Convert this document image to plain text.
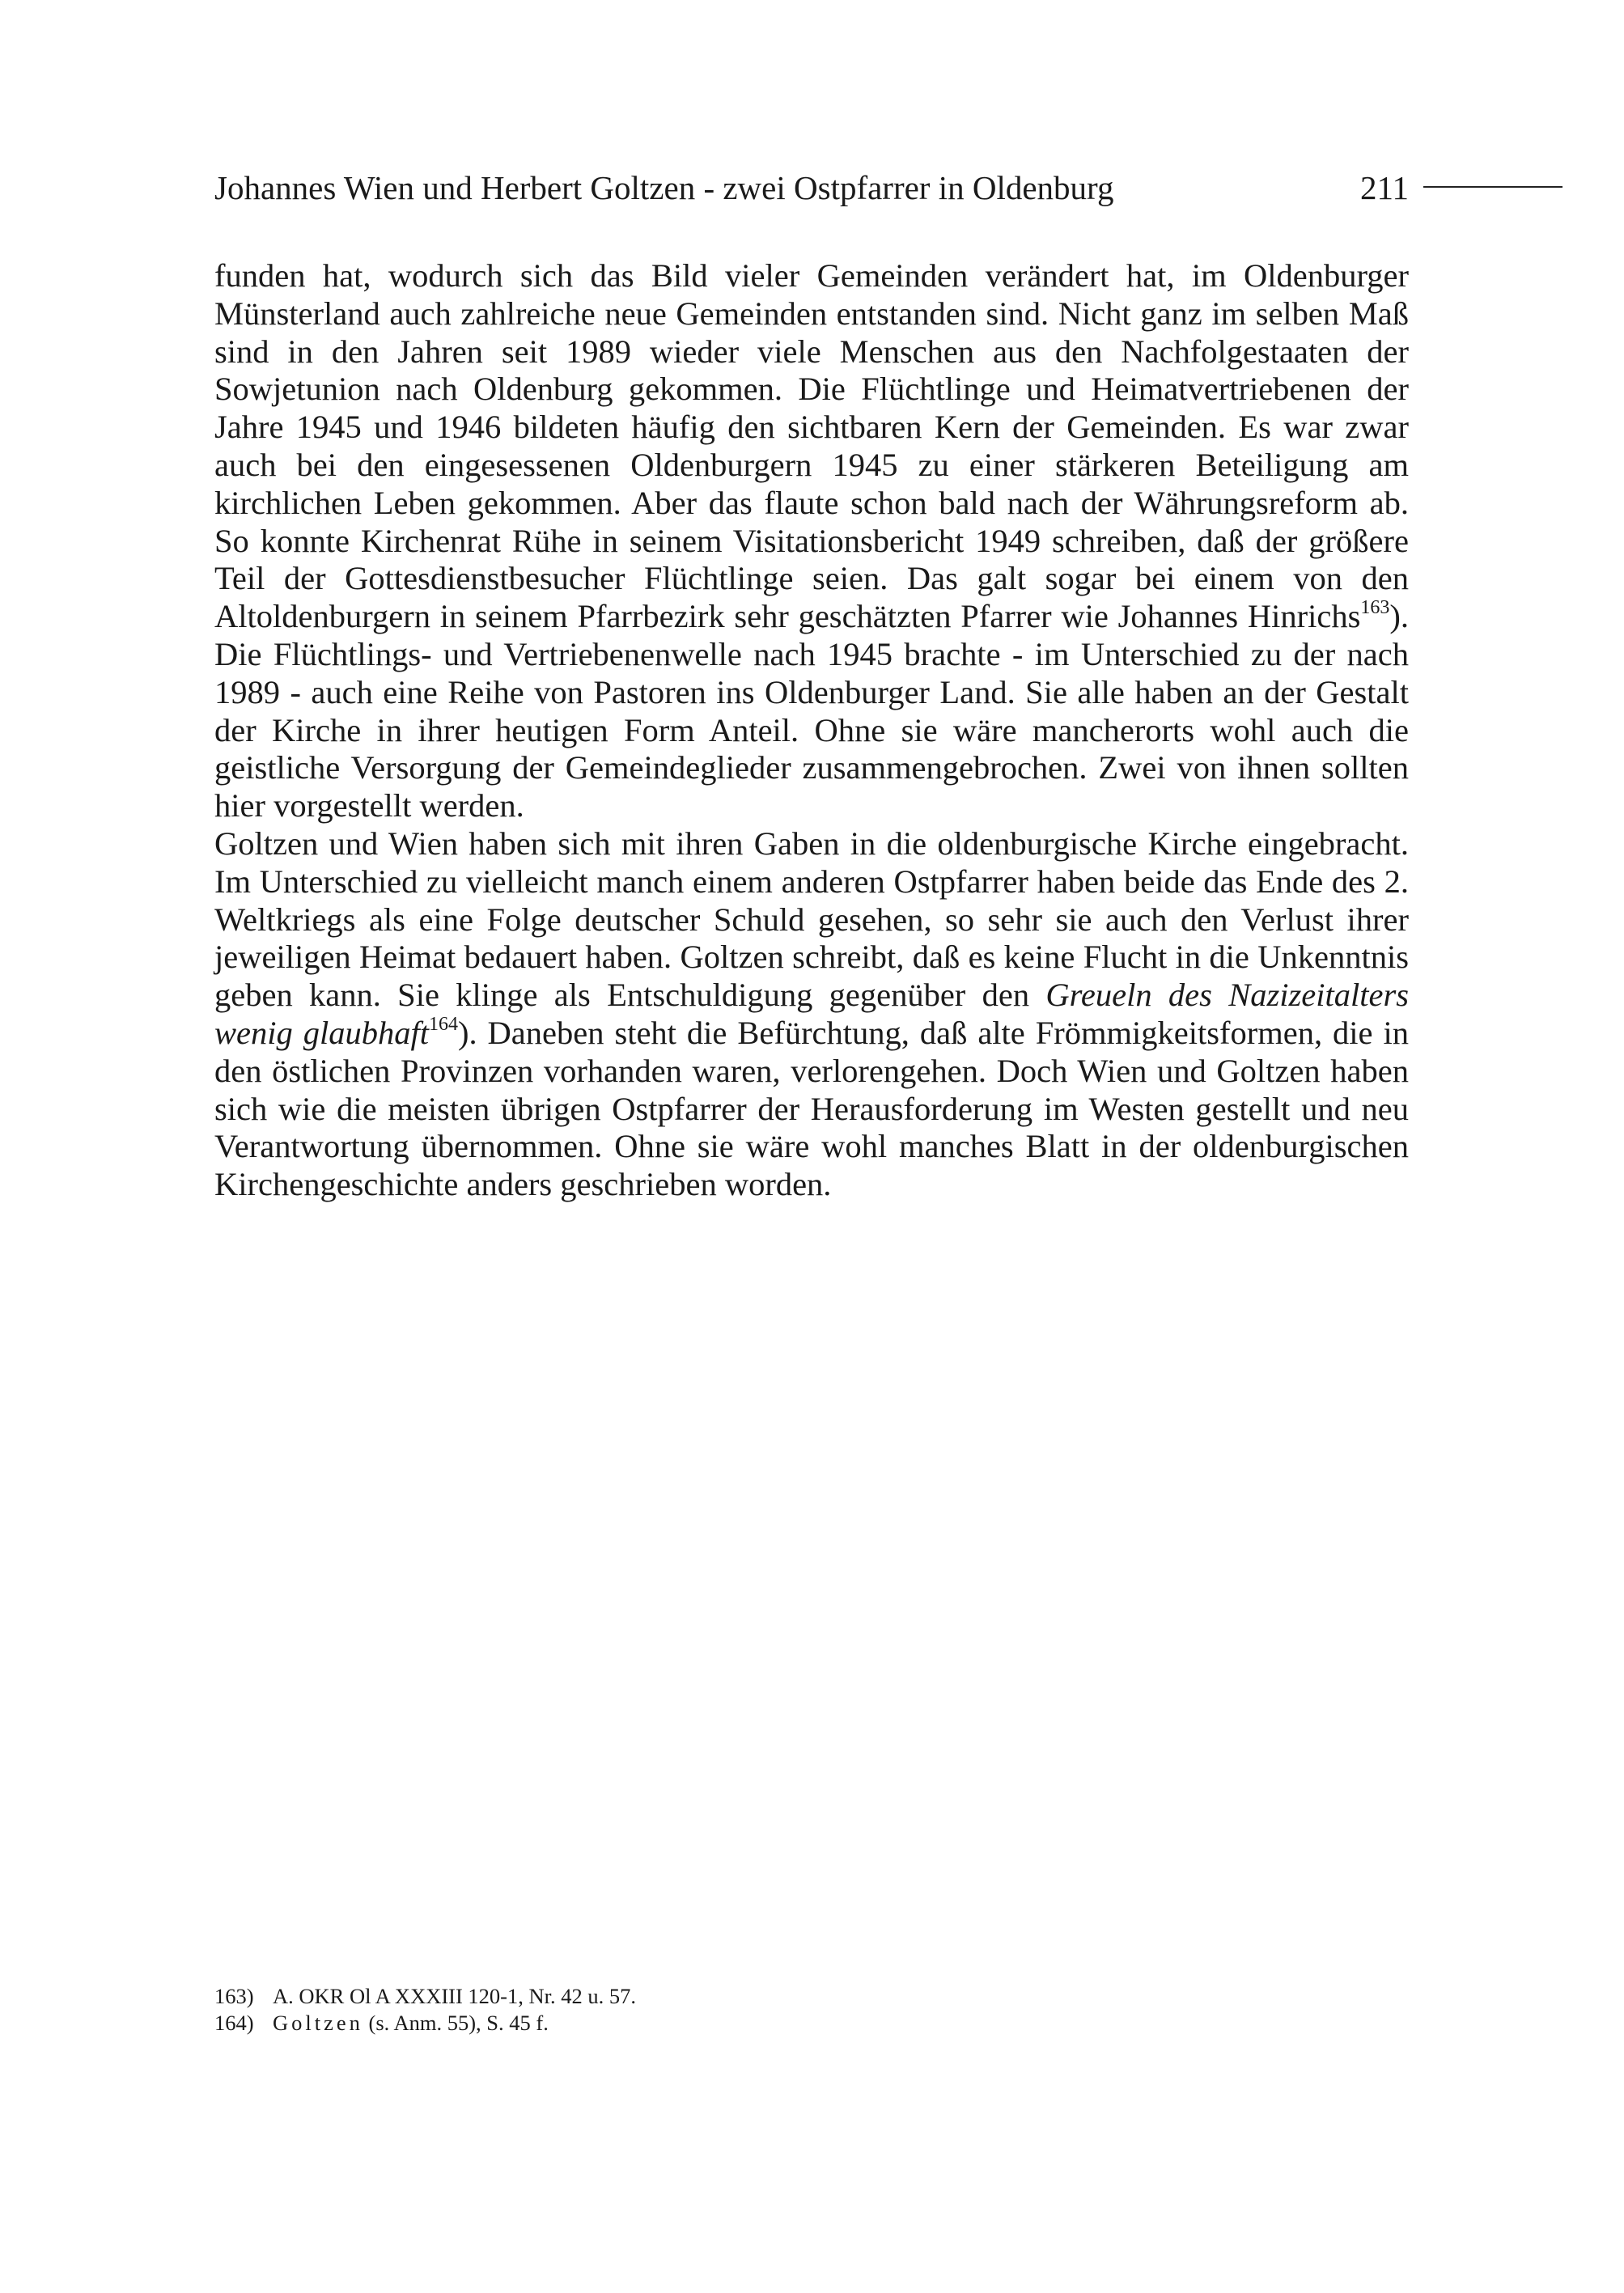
Johannes Wien und Herbert Goltzen - zwei Ostpfarrer in Oldenburg	211

funden hat, wodurch sich das Bild vieler Gemeinden verändert hat, im Oldenburger Münsterland auch zahlreiche neue Gemeinden entstanden sind. Nicht ganz im selben Maß sind in den Jahren seit 1989 wieder viele Menschen aus den Nachfolgestaaten der Sowjetunion nach Oldenburg gekommen. Die Flüchtlinge und Heimatvertriebenen der Jahre 1945 und 1946 bildeten häufig den sichtbaren Kern der Gemeinden. Es war zwar auch bei den eingesessenen Oldenburgern 1945 zu einer stärkeren Beteiligung am kirchlichen Leben gekommen. Aber das flaute schon bald nach der Währungsreform ab. So konnte Kirchenrat Rühe in seinem Visitationsbericht 1949 schreiben, daß der größere Teil der Gottesdienstbesucher Flüchtlinge seien. Das galt sogar bei einem von den Altoldenburgern in seinem Pfarrbezirk sehr geschätzten Pfarrer wie Johannes Hinrichs$^{163}$). Die Flüchtlings- und Vertriebenenwelle nach 1945 brachte - im Unterschied zu der nach 1989 - auch eine Reihe von Pastoren ins Oldenburger Land. Sie alle haben an der Gestalt der Kirche in ihrer heutigen Form Anteil. Ohne sie wäre mancherorts wohl auch die geistliche Versorgung der Gemeindeglieder zusammengebrochen. Zwei von ihnen sollten hier vorgestellt werden.

Goltzen und Wien haben sich mit ihren Gaben in die oldenburgische Kirche eingebracht. Im Unterschied zu vielleicht manch einem anderen Ostpfarrer haben beide das Ende des 2. Weltkriegs als eine Folge deutscher Schuld gesehen, so sehr sie auch den Verlust ihrer jeweiligen Heimat bedauert haben. Goltzen schreibt, daß es keine Flucht in die Unkenntnis geben kann. Sie klinge als Entschuldigung gegenüber den Greueln des Nazizeitalters wenig glaubhaft$^{164}$). Daneben steht die Befürchtung, daß alte Frömmigkeitsformen, die in den östlichen Provinzen vorhanden waren, verlorengehen. Doch Wien und Goltzen haben sich wie die meisten übrigen Ostpfarrer der Herausforderung im Westen gestellt und neu Verantwortung übernommen. Ohne sie wäre wohl manches Blatt in der oldenburgischen Kirchengeschichte anders geschrieben worden.

163) A. OKR Ol A XXXIII 120-1, Nr. 42 u. 57.
164) Goltzen (s. Anm. 55), S. 45 f.
